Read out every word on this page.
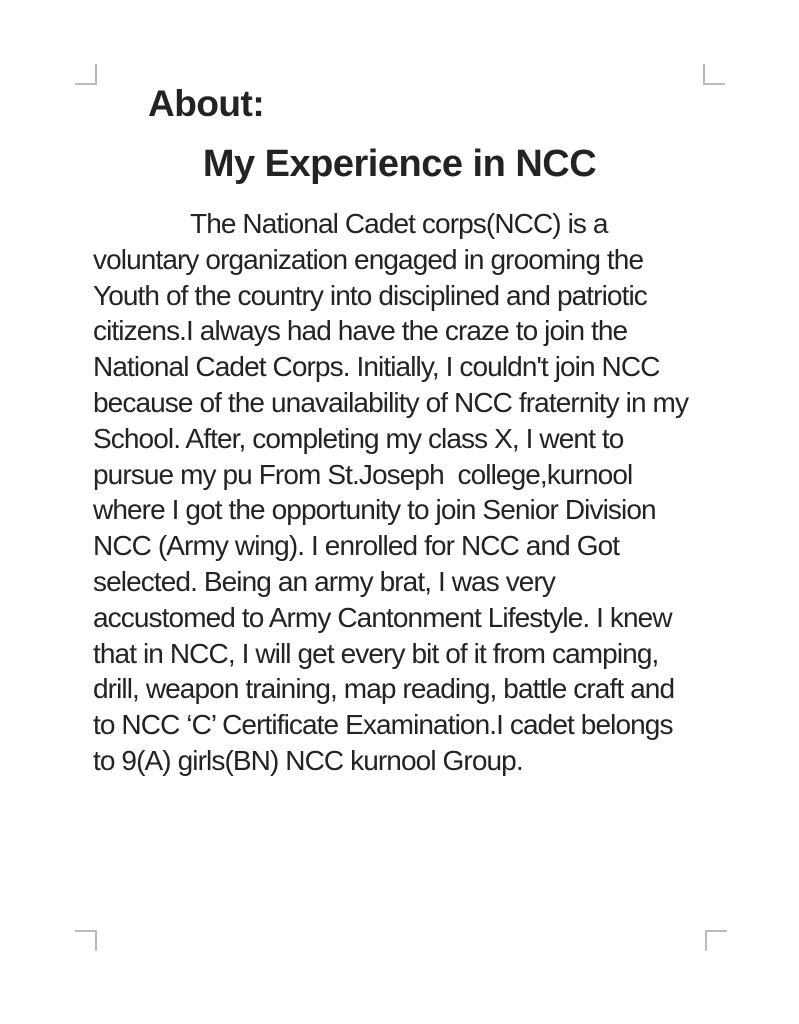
About:
My Experience in NCC
The National Cadet corps(NCC) is a
voluntary organization engaged in grooming the
Youth of the country into disciplined and patriotic
citizens.I always had have the craze to join the
National Cadet Corps. Initially, I couldn't join NCC
because of the unavailability of NCC fraternity in my
School. After, completing my class X, I went to
pursue my pu From St.Joseph  college,kurnool
where I got the opportunity to join Senior Division
NCC (Army wing). I enrolled for NCC and Got
selected. Being an army brat, I was very
accustomed to Army Cantonment Lifestyle. I knew
that in NCC, I will get every bit of it from camping,
drill, weapon training, map reading, battle craft and
to NCC ‘C’ Certificate Examination.I cadet belongs
to 9(A) girls(BN) NCC kurnool Group.
